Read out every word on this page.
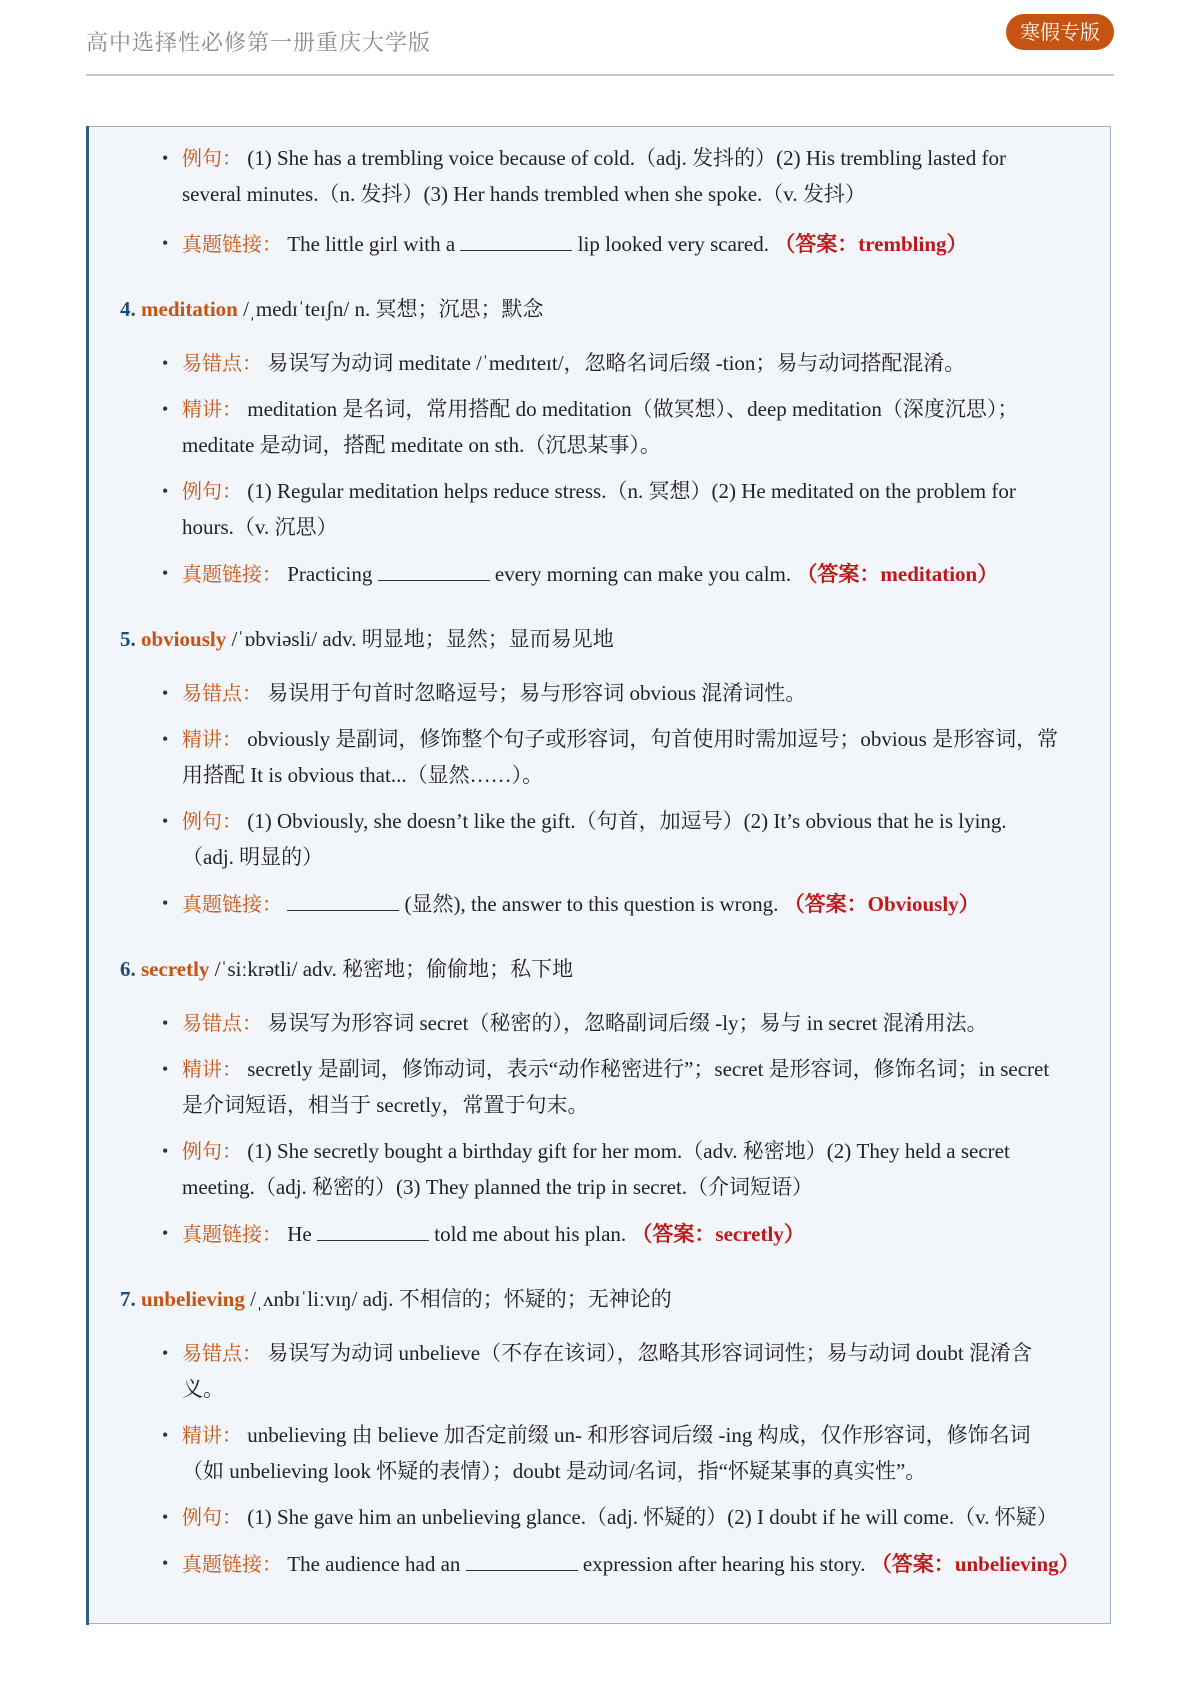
高中选择性必修第一册重庆大学版	寒假专版
• 例句： (1) She has a trembling voice because of cold.（adj. 发抖的）(2) His trembling lasted for
several minutes.（n. 发抖）(3) Her hands trembled when she spoke.（v. 发抖）
• 真题链接： The little girl with a	lip looked very scared. （答案：trembling）
4. meditation /ˌmedɪˈteɪʃn/ n. 冥想；沉思；默念
• 易错点： 易误写为动词 meditate /ˈmedɪteɪt/，忽略名词后缀 -tion；易与动词搭配混淆。
• 精讲： meditation 是名词，常用搭配 do meditation（做冥想）、deep meditation（深度沉思）；
meditate 是动词，搭配 meditate on sth.（沉思某事）。
• 例句： (1) Regular meditation helps reduce stress.（n. 冥想）(2) He meditated on the problem for
hours.（v. 沉思）
• 真题链接： Practicing	every morning can make you calm. （答案：meditation）
5. obviously /ˈɒbviəsli/ adv. 明显地；显然；显而易见地
• 易错点： 易误用于句首时忽略逗号；易与形容词 obvious 混淆词性。
• 精讲： obviously 是副词，修饰整个句子或形容词，句首使用时需加逗号；obvious 是形容词，常
用搭配 It is obvious that...（显然……）。
• 例句： (1) Obviously, she doesn’t like the gift.（句首，加逗号）(2) It’s obvious that he is lying.
（adj. 明显的）
• 真题链接：	(显然), the answer to this question is wrong. （答案：Obviously）
6. secretly /ˈsiːkrətli/ adv. 秘密地；偷偷地；私下地
• 易错点： 易误写为形容词 secret（秘密的），忽略副词后缀 -ly；易与 in secret 混淆用法。
• 精讲： secretly 是副词，修饰动词，表示“动作秘密进行”；secret 是形容词，修饰名词；in secret
是介词短语，相当于 secretly，常置于句末。
• 例句： (1) She secretly bought a birthday gift for her mom.（adv. 秘密地）(2) They held a secret
meeting.（adj. 秘密的）(3) They planned the trip in secret.（介词短语）
• 真题链接： He	told me about his plan. （答案：secretly）
7. unbelieving /ˌʌnbɪˈliːvɪŋ/ adj. 不相信的；怀疑的；无神论的
• 易错点： 易误写为动词 unbelieve（不存在该词），忽略其形容词词性；易与动词 doubt 混淆含
义。
• 精讲： unbelieving 由 believe 加否定前缀 un- 和形容词后缀 -ing 构成，仅作形容词，修饰名词
（如 unbelieving look 怀疑的表情）；doubt 是动词/名词，指“怀疑某事的真实性”。
• 例句： (1) She gave him an unbelieving glance.（adj. 怀疑的）(2) I doubt if he will come.（v. 怀疑）
• 真题链接： The audience had an	expression after hearing his story. （答案：unbelieving）
